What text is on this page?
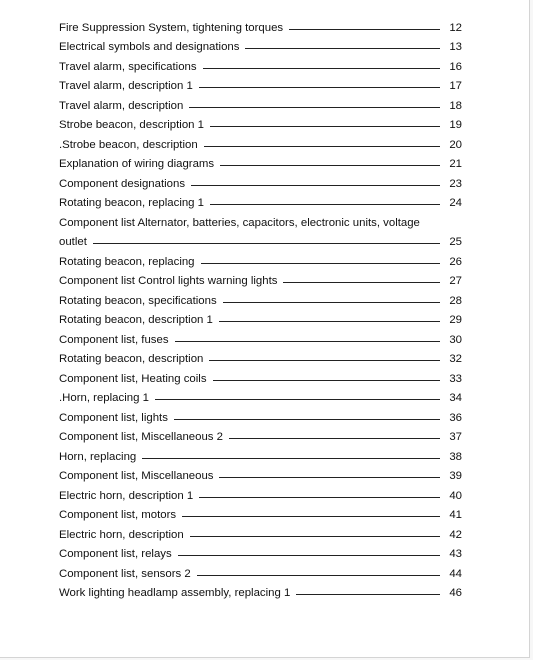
Fire Suppression System, tightening torques	12
Electrical symbols and designations	13
Travel alarm, specifications	16
Travel alarm, description 1	17
Travel alarm, description	18
Strobe beacon, description 1	19
.Strobe beacon, description	20
Explanation of wiring diagrams	21
Component designations	23
Rotating beacon, replacing 1	24
Component list Alternator, batteries, capacitors, electronic units, voltage
outlet	25
Rotating beacon, replacing	26
Component list Control lights warning lights	27
Rotating beacon, specifications	28
Rotating beacon, description 1	29
Component list, fuses	30
Rotating beacon, description	32
Component list, Heating coils	33
.Horn, replacing 1	34
Component list, lights	36
Component list, Miscellaneous 2	37
Horn, replacing	38
Component list, Miscellaneous	39
Electric horn, description 1	40
Component list, motors	41
Electric horn, description	42
Component list, relays	43
Component list, sensors 2	44
Work lighting headlamp assembly, replacing 1	46
